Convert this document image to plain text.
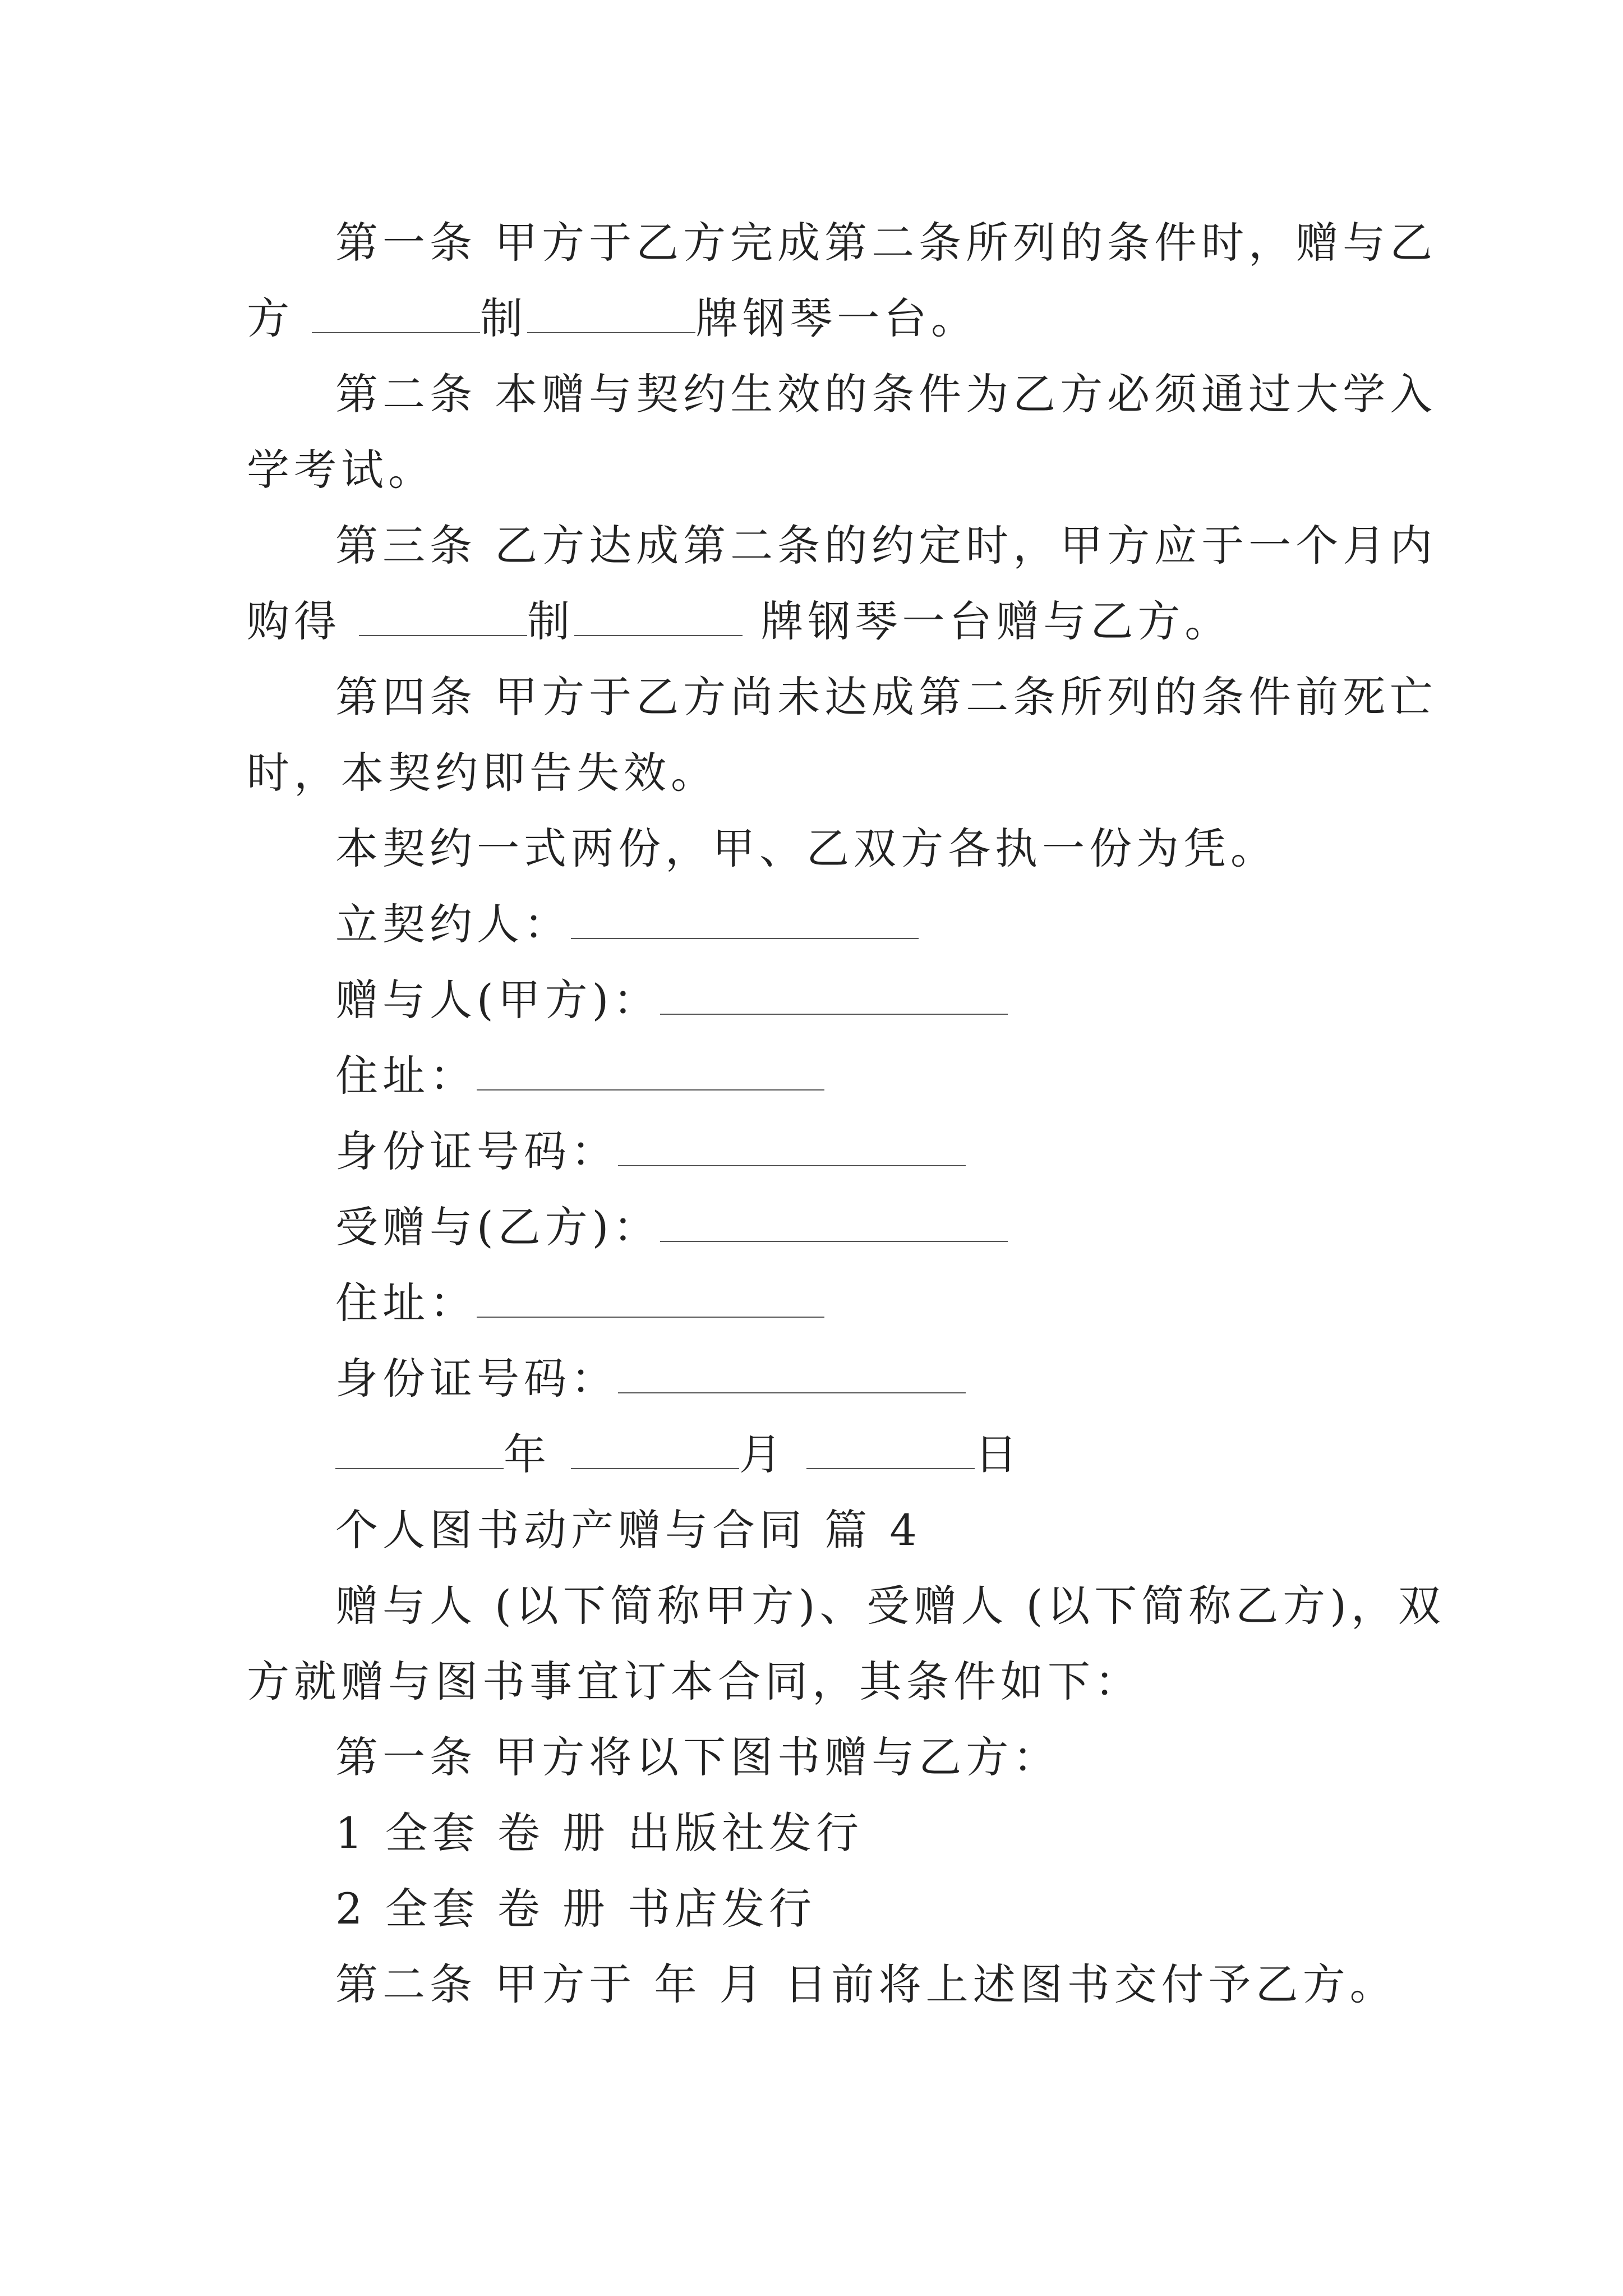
第一条 甲方于乙方完成第二条所列的条件时，赠与乙
方	制	牌钢琴一台。
第二条 本赠与契约生效的条件为乙方必须通过大学入
学考试。
第三条 乙方达成第二条的约定时，甲方应于一个月内
购得	制	牌钢琴一台赠与乙方。
第四条 甲方于乙方尚未达成第二条所列的条件前死亡
时，本契约即告失效。
本契约一式两份，甲、乙双方各执一份为凭。
立契约人：
赠与人(甲方)：
住址：
身份证号码：
受赠与(乙方)：
住址：
身份证号码：
年	月	日
个人图书动产赠与合同 篇 4
赠与人 (以下简称甲方)、受赠人 (以下简称乙方)，双
方就赠与图书事宜订本合同，其条件如下：
第一条 甲方将以下图书赠与乙方：
1 全套 卷 册 出版社发行
2 全套 卷 册 书店发行
第二条 甲方于 年 月 日前将上述图书交付予乙方。
